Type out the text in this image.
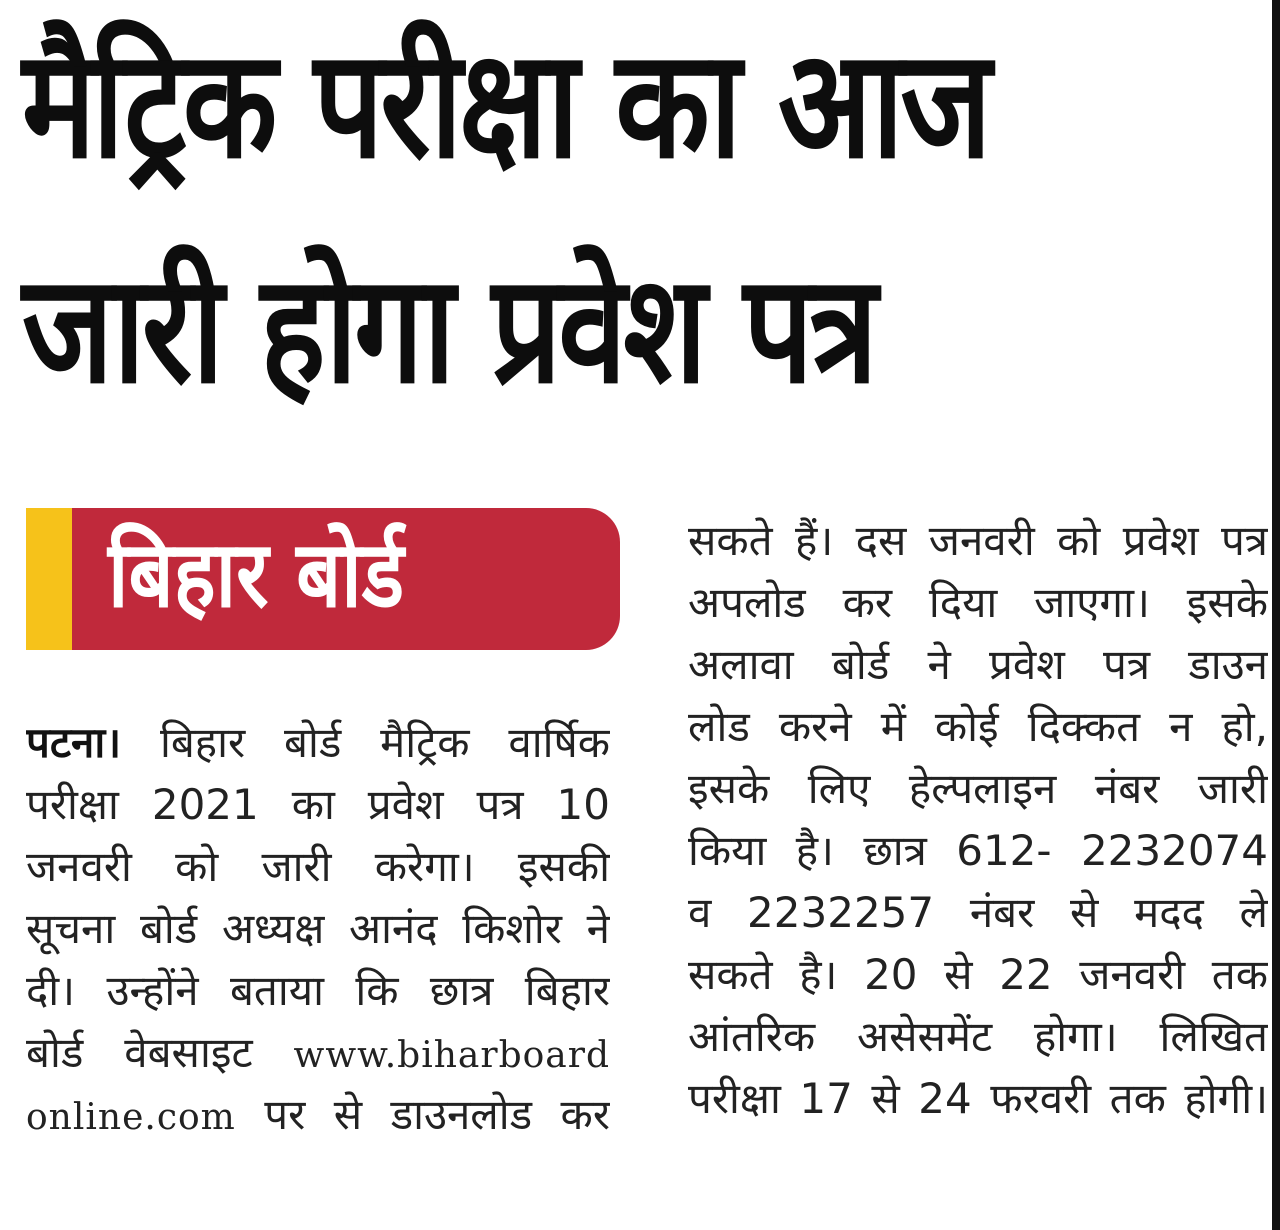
मैट्रिक परीक्षा का आज
जारी होगा प्रवेश पत्र
बिहार बोर्ड
पटना। बिहार बोर्ड मैट्रिक वार्षिक
परीक्षा 2021 का प्रवेश पत्र 10
जनवरी को जारी करेगा। इसकी
सूचना बोर्ड अध्यक्ष आनंद किशोर ने
दी। उन्होंने बताया कि छात्र बिहार
बोर्ड वेबसाइट www.biharboard
online.com पर से डाउनलोड कर
सकते हैं। दस जनवरी को प्रवेश पत्र
अपलोड कर दिया जाएगा। इसके
अलावा बोर्ड ने प्रवेश पत्र डाउन
लोड करने में कोई दिक्कत न हो,
इसके लिए हेल्पलाइन नंबर जारी
किया है। छात्र 612- 2232074
व 2232257 नंबर से मदद ले
सकते है। 20 से 22 जनवरी तक
आंतरिक असेसमेंट होगा। लिखित
परीक्षा 17 से 24 फरवरी तक होगी।
